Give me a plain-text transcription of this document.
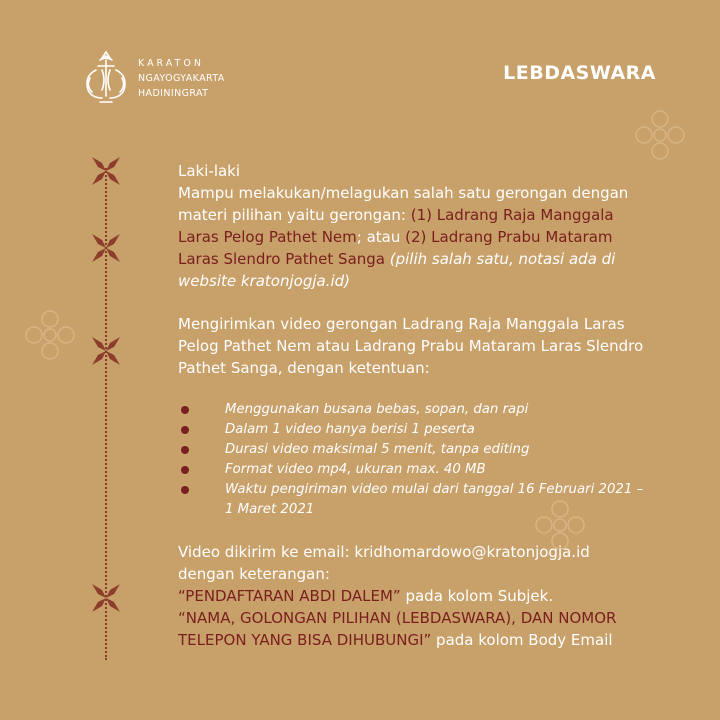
KARATON
NGAYOGYAKARTA
HADININGRAT
LEBDASWARA

Laki-laki

Mampu melakukan/melagukan salah satu gerongan dengan materi pilihan yaitu gerongan: (1) Ladrang Raja Manggala Laras Pelog Pathet Nem; atau (2) Ladrang Prabu Mataram Laras Slendro Pathet Sanga (pilih salah satu, notasi ada di website kratonjogja.id)

Mengirimkan video gerongan Ladrang Raja Manggala Laras Pelog Pathet Nem atau Ladrang Prabu Mataram Laras Slendro Pathet Sanga, dengan ketentuan:

Menggunakan busana bebas, sopan, dan rapi
Dalam 1 video hanya berisi 1 peserta
Durasi video maksimal 5 menit, tanpa editing
Format video mp4, ukuran max. 40 MB
Waktu pengiriman video mulai dari tanggal 16 Februari 2021 – 1 Maret 2021

Video dikirim ke email: kridhomardowo@kratonjogja.id dengan keterangan:

“PENDAFTARAN ABDI DALEM” pada kolom Subjek.

“NAMA, GOLONGAN PILIHAN (LEBDASWARA), DAN NOMOR TELEPON YANG BISA DIHUBUNGI” pada kolom Body Email
